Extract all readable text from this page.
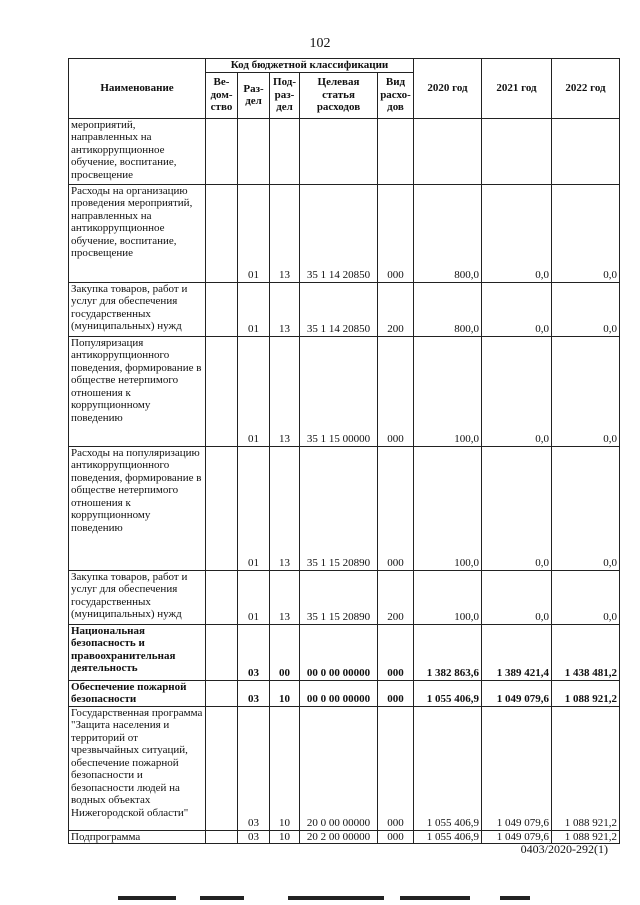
102
Наименование	Код бюджетной классификации					2020 год	2021 год	2022 год
	Ве-дом-ство	Раз-дел	Под-раз-дел	Целевая статья расходов	Вид расхо-дов			
мероприятий, направленных на антикоррупционное обучение, воспитание, просвещение								
Расходы на организацию проведения мероприятий, направленных на антикоррупционное обучение, воспитание, просвещение		01	13	35 1 14 20850	000	800,0	0,0	0,0
Закупка товаров, работ и услуг для обеспечения государственных (муниципальных) нужд		01	13	35 1 14 20850	200	800,0	0,0	0,0
Популяризация антикоррупционного поведения, формирование в обществе нетерпимого отношения к коррупционному поведению		01	13	35 1 15 00000	000	100,0	0,0	0,0
Расходы на популяризацию антикоррупционного поведения, формирование в обществе нетерпимого отношения к коррупционному поведению		01	13	35 1 15 20890	000	100,0	0,0	0,0
Закупка товаров, работ и услуг для обеспечения государственных (муниципальных) нужд		01	13	35 1 15 20890	200	100,0	0,0	0,0
Национальная безопасность и правоохранительная деятельность		03	00	00 0 00 00000	000	1 382 863,6	1 389 421,4	1 438 481,2
Обеспечение пожарной безопасности		03	10	00 0 00 00000	000	1 055 406,9	1 049 079,6	1 088 921,2
Государственная программа "Защита населения и территорий от чрезвычайных ситуаций, обеспечение пожарной безопасности и безопасности людей на водных объектах Нижегородской области"		03	10	20 0 00 00000	000	1 055 406,9	1 049 079,6	1 088 921,2
Подпрограмма		03	10	20 2 00 00000	000	1 055 406,9	1 049 079,6	1 088 921,2
0403/2020-292(1)
